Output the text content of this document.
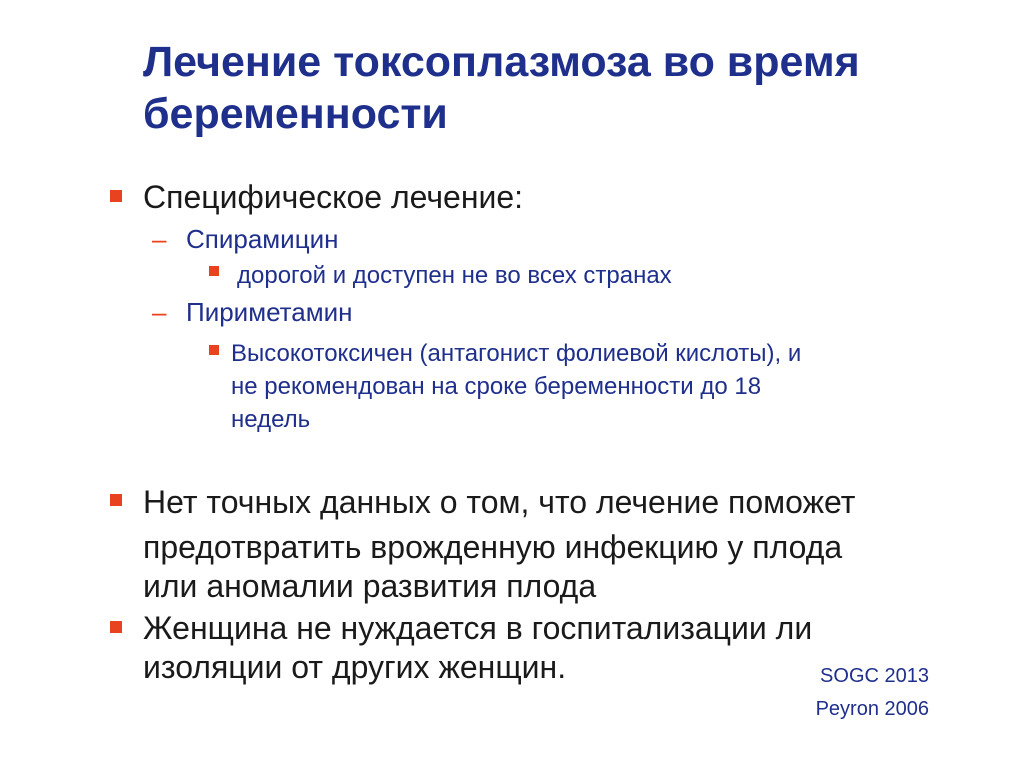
Лечение токсоплазмоза во время беременности
Специфическое лечение:
– Спирамицин
дорогой и доступен не во всех странах
– Пириметамин
Высокотоксичен (антагонист фолиевой кислоты), и
не рекомендован на сроке беременности до 18
недель
Нет точных данных о том, что лечение поможет
предотвратить врожденную инфекцию у плода
или аномалии развития плода
Женщина не нуждается в госпитализации ли
изоляции от других женщин.	SOGC 2013
Peyron 2006
